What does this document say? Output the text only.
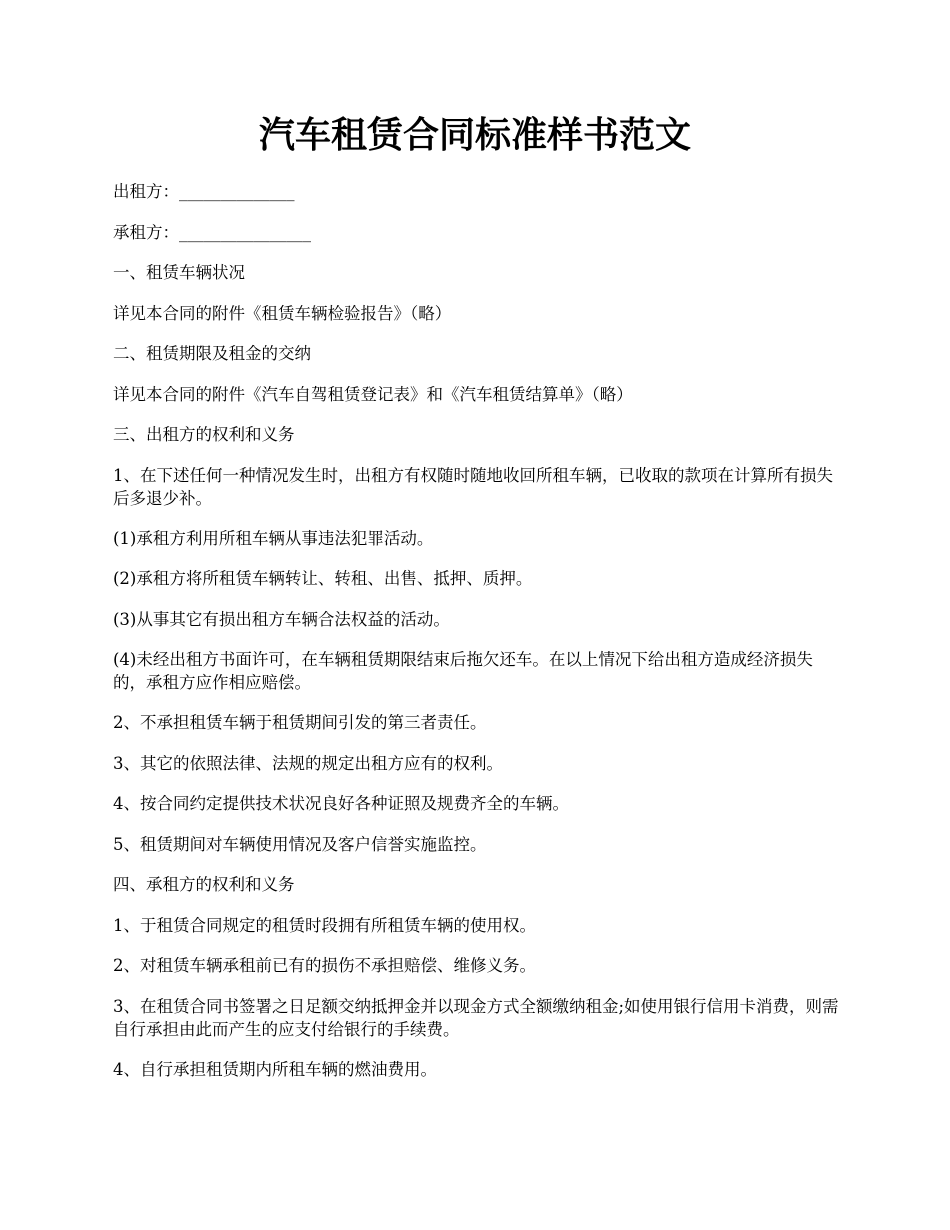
汽车租赁合同标准样书范文

出租方：______________

承租方：________________

一、租赁车辆状况

详见本合同的附件《租赁车辆检验报告》（略）

二、租赁期限及租金的交纳

详见本合同的附件《汽车自驾租赁登记表》和《汽车租赁结算单》（略）

三、出租方的权利和义务

1、在下述任何一种情况发生时，出租方有权随时随地收回所租车辆，已收取的款项在计算所有损失后多退少补。

(1)承租方利用所租车辆从事违法犯罪活动。

(2)承租方将所租赁车辆转让、转租、出售、抵押、质押。

(3)从事其它有损出租方车辆合法权益的活动。

(4)未经出租方书面许可，在车辆租赁期限结束后拖欠还车。在以上情况下给出租方造成经济损失的，承租方应作相应赔偿。

2、不承担租赁车辆于租赁期间引发的第三者责任。

3、其它的依照法律、法规的规定出租方应有的权利。

4、按合同约定提供技术状况良好各种证照及规费齐全的车辆。

5、租赁期间对车辆使用情况及客户信誉实施监控。

四、承租方的权利和义务

1、于租赁合同规定的租赁时段拥有所租赁车辆的使用权。

2、对租赁车辆承租前已有的损伤不承担赔偿、维修义务。

3、在租赁合同书签署之日足额交纳抵押金并以现金方式全额缴纳租金;如使用银行信用卡消费，则需自行承担由此而产生的应支付给银行的手续费。

4、自行承担租赁期内所租车辆的燃油费用。
